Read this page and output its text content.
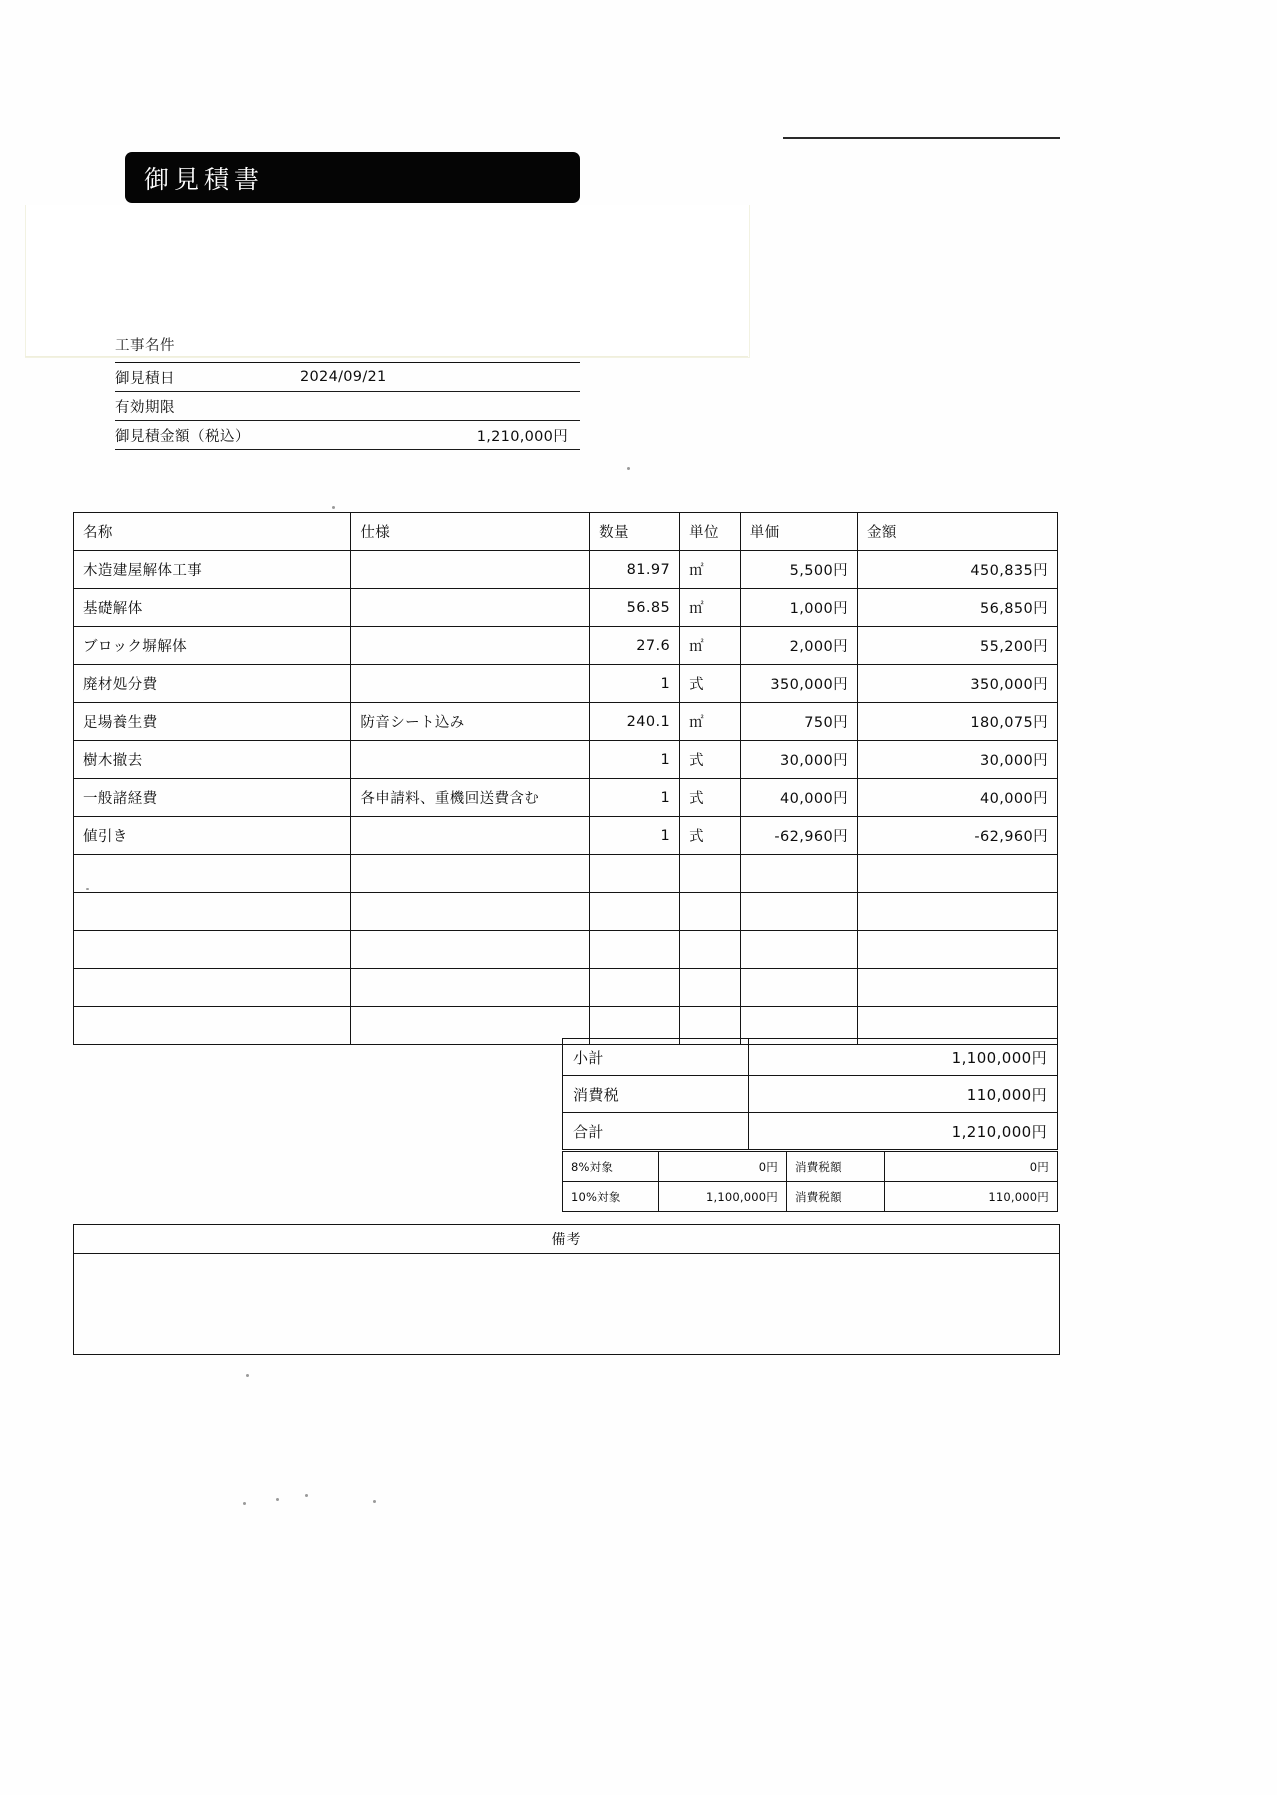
御見積書
工事名件
御見積日	2024/09/21
有効期限
御見積金額（税込）	1,210,000円
名称	仕様	数量	単位	単価	金額
木造建屋解体工事		81.97	㎡	5,500円	450,835円
基礎解体		56.85	㎡	1,000円	56,850円
ブロック塀解体		27.6	㎡	2,000円	55,200円
廃材処分費		1	式	350,000円	350,000円
足場養生費	防音シート込み	240.1	㎡	750円	180,075円
樹木撤去		1	式	30,000円	30,000円
一般諸経費	各申請料、重機回送費含む	1	式	40,000円	40,000円
値引き		1	式	-62,960円	-62,960円

小計	1,100,000円
消費税	110,000円
合計	1,210,000円
8%対象	0円	消費税額	0円
10%対象	1,100,000円	消費税額	110,000円
備考
